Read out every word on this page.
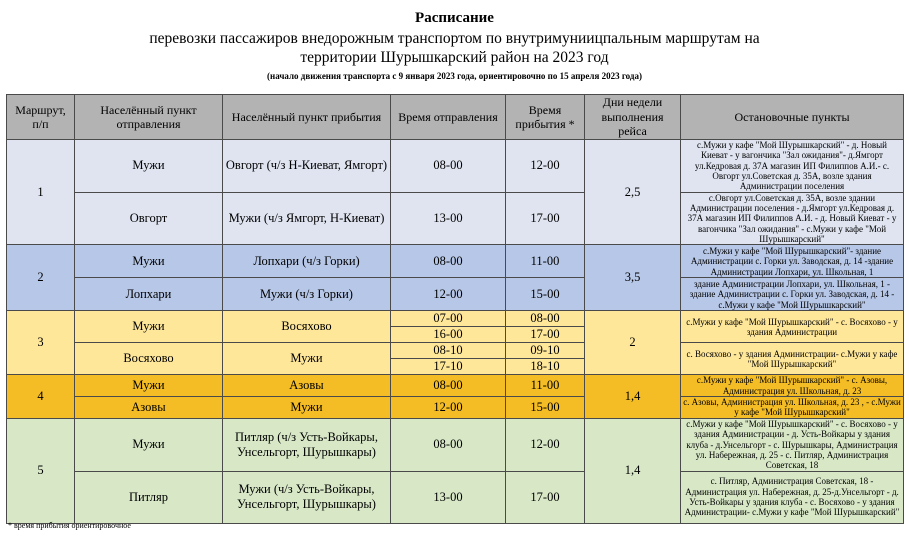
Расписание
перевозки пассажиров внедорожным транспортом по внутримуниицпальным маршрутам на
территории Шурышкарский район на 2023 год
(начало движения транспорта с 9 января 2023 года, ориентировочно по 15 апреля 2023 года)
Маршрут, п/п	Населённый пункт отправления	Населённый пункт прибытия	Время отправления	Время прибытия *	Дни недели выполнения рейса	Остановочные пункты
1	Мужи	Овгорт (ч/з Н-Киеват, Ямгорт)	08-00	12-00	2,5	с.Мужи у кафе "Мой Шурышкарский" - д. Новый Киеват - у вагончика "Зал ожидания"- д.Ямгорт ул.Кедровая д. 37А магазин ИП Филиппов А.И.- с. Овгорт ул.Советская д. 35А, возле здания Администрации поселения
	Овгорт	Мужи (ч/з Ямгорт, Н-Киеват)	13-00	17-00		с.Овгорт ул.Советская д. 35А, возле здании Администрации поселения - д.Ямгорт ул.Кедровая д. 37А магазин ИП Филиппов А.И. - д. Новый Киеват - у вагончика "Зал ожидания" - с.Мужи у кафе "Мой Шурышкарский"
2	Мужи	Лопхари (ч/з Горки)	08-00	11-00	3,5	с.Мужи у кафе "Мой Шурышкарский"- здание Администрации с. Горки ул. Заводская, д. 14 -здание Администрации Лопхари, ул. Школьная, 1
	Лопхари	Мужи (ч/з Горки)	12-00	15-00		здание Администрации Лопхари, ул. Школьная, 1 - здание Администрации с. Горки ул. Заводская, д. 14 - с.Мужи у кафе "Мой Шурышкарский"
3	Мужи	Восяхово	07-00	08-00	2	с.Мужи у кафе "Мой Шурышкарский" - с. Восяхово - у здания Администрации
			16-00	17-00		
	Восяхово	Мужи	08-10	09-10		с. Восяхово - у здания Администрации- с.Мужи у кафе "Мой Шурышкарский"
			17-10	18-10		
4	Мужи	Азовы	08-00	11-00	1,4	с.Мужи у кафе "Мой Шурышкарский" - с. Азовы, Администрация ул. Школьная, д. 23
	Азовы	Мужи	12-00	15-00		с. Азовы, Администрация ул. Школьная, д. 23 , - с.Мужи у кафе "Мой Шурышкарский"
5	Мужи	Питляр (ч/з Усть-Войкары, Унсельгорт, Шурышкары)	08-00	12-00	1,4	с.Мужи у кафе "Мой Шурышкарский" - с. Восяхово - у здания Администрации - д. Усть-Войкары у здания клуба - д.Унсельгорт - с. Шурышкары, Администрация ул. Набережная, д. 25 - с. Питляр, Администрация Советская, 18
	Питляр	Мужи (ч/з Усть-Войкары, Унсельгорт, Шурышкары)	13-00	17-00		с. Питляр, Администрация Советская, 18 - Администрация ул. Набережная, д. 25-д.Унсельгорт - д. Усть-Войкары у здания клуба - с. Восяхово - у здания Администрации- с.Мужи у кафе "Мой Шурышкарский"
* время прибытия ориентировочное
